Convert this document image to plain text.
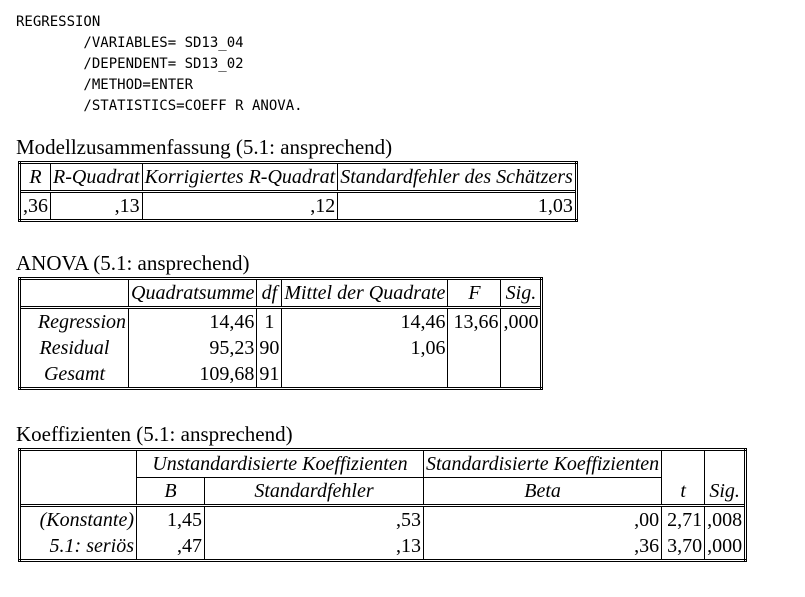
REGRESSION
/VARIABLES= SD13_04
/DEPENDENT= SD13_02
/METHOD=ENTER
/STATISTICS=COEFF R ANOVA.
Modellzusammenfassung (5.1: ansprechend)
R	R-Quadrat	Korrigiertes R-Quadrat	Standardfehler des Schätzers
,36	,13	,12	1,03
ANOVA (5.1: ansprechend)
	Quadratsumme	df	Mittel der Quadrate	F	Sig.
Regression	14,46	1	14,46	13,66	,000
Residual	95,23	90	1,06		
Gesamt	109,68	91			
Koeffizienten (5.1: ansprechend)
	Unstandardisierte Koeffizienten		Standardisierte Koeffizienten	t	Sig.
	B	Standardfehler	Beta		
(Konstante)	1,45	,53	,00	2,71	,008
5.1: seriös	,47	,13	,36	3,70	,000
